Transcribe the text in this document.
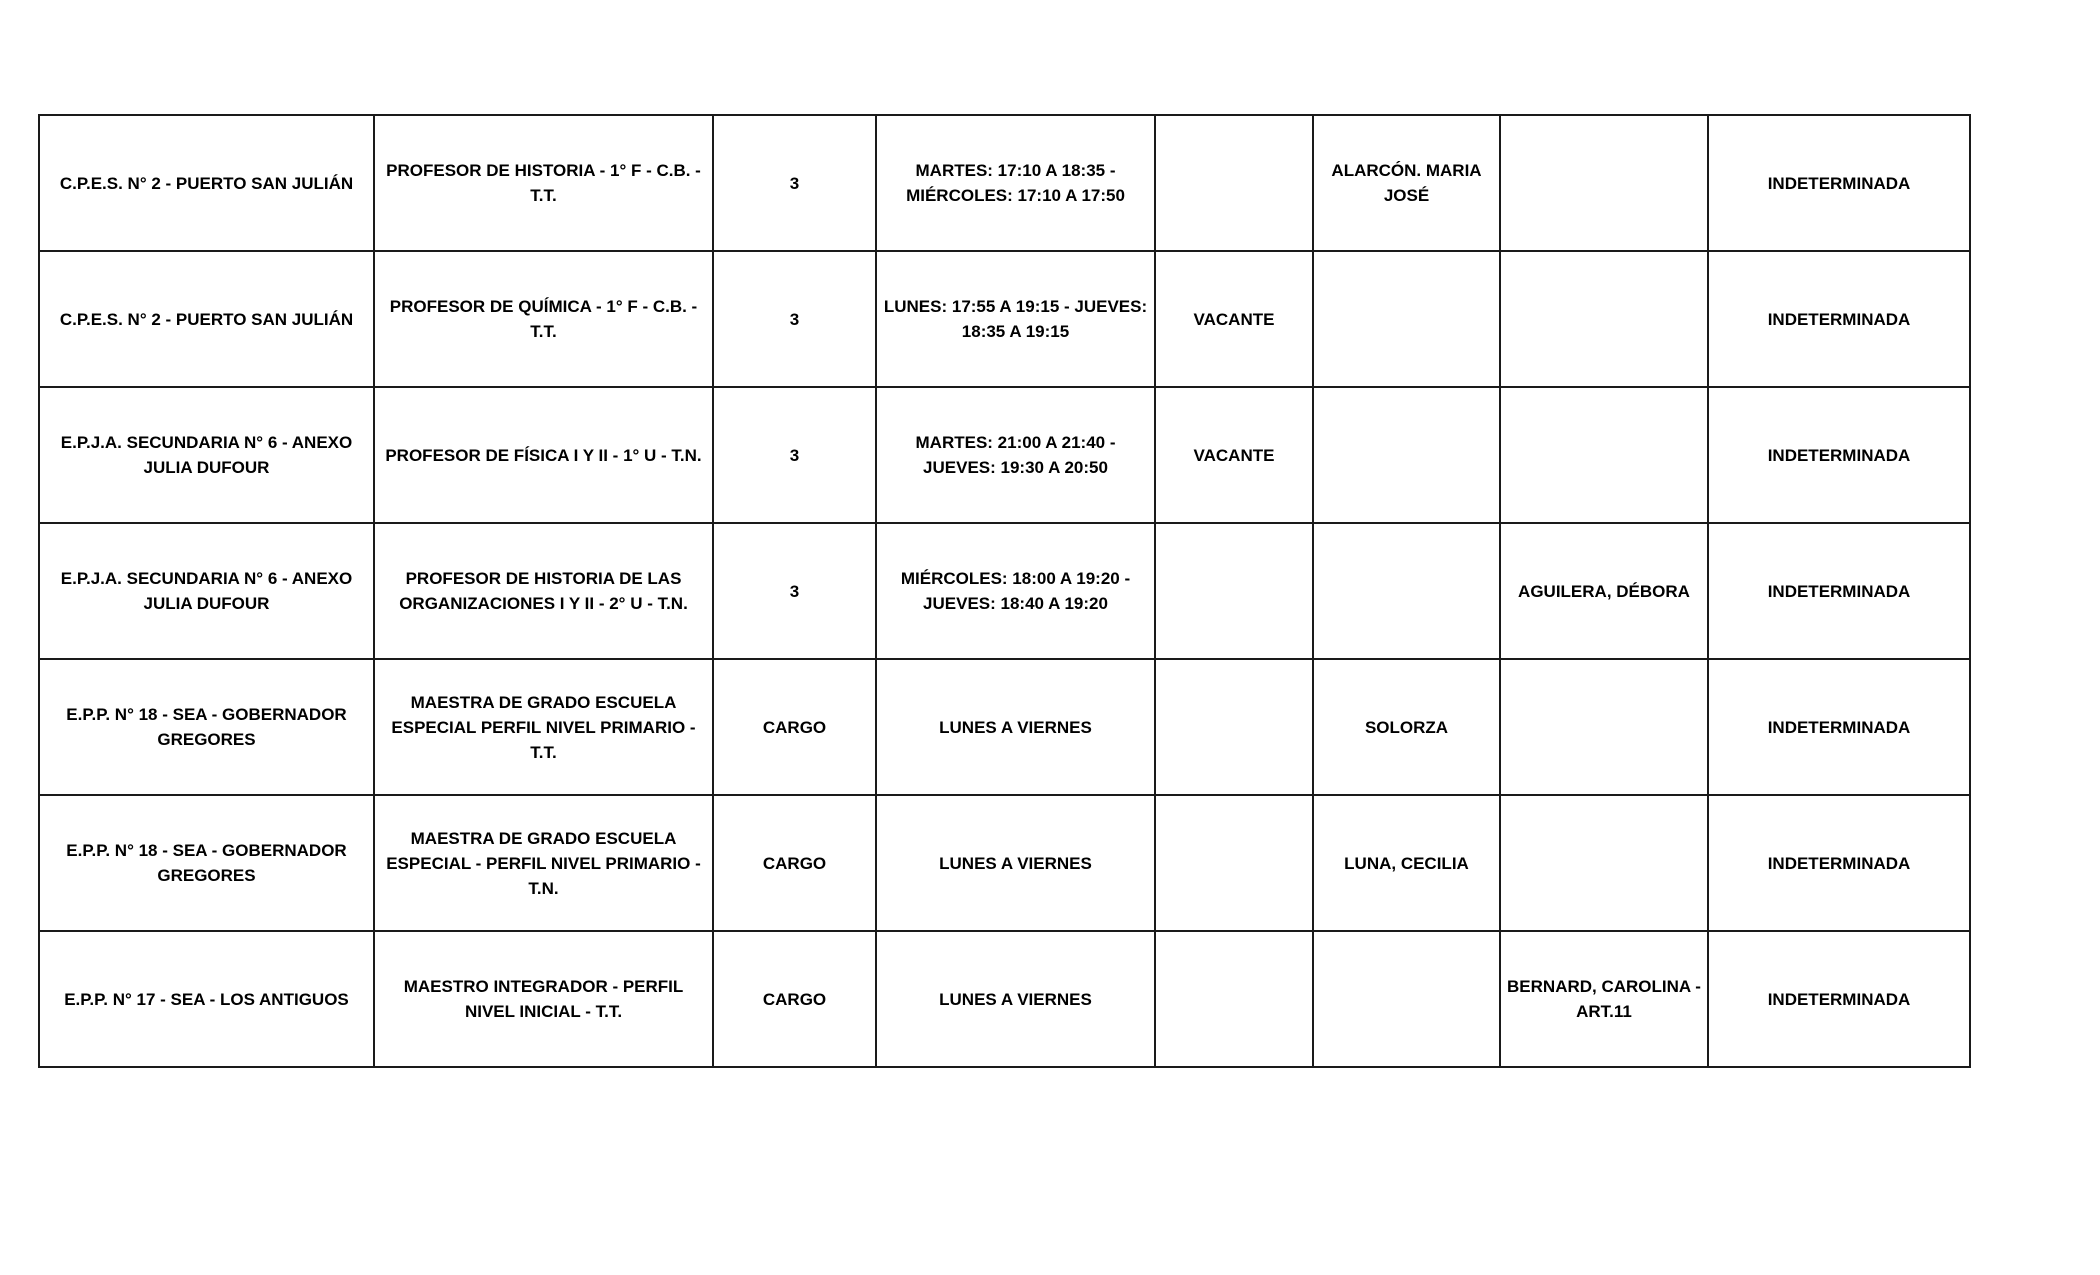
C.P.E.S. N° 2 - PUERTO SAN JULIÁN	PROFESOR DE HISTORIA - 1° F - C.B. - T.T.	3	MARTES: 17:10 A 18:35 - MIÉRCOLES: 17:10 A 17:50		ALARCÓN. MARIA JOSÉ		INDETERMINADA
C.P.E.S. N° 2 - PUERTO SAN JULIÁN	PROFESOR DE QUÍMICA - 1° F - C.B. - T.T.	3	LUNES: 17:55 A 19:15 - JUEVES: 18:35 A 19:15	VACANTE			INDETERMINADA
E.P.J.A. SECUNDARIA N° 6 - ANEXO JULIA DUFOUR	PROFESOR DE FÍSICA I Y II - 1° U - T.N.	3	MARTES: 21:00 A 21:40 - JUEVES: 19:30 A 20:50	VACANTE			INDETERMINADA
E.P.J.A. SECUNDARIA N° 6 - ANEXO JULIA DUFOUR	PROFESOR DE HISTORIA DE LAS ORGANIZACIONES I Y II - 2° U - T.N.	3	MIÉRCOLES: 18:00 A 19:20 - JUEVES: 18:40 A 19:20			AGUILERA, DÉBORA	INDETERMINADA
E.P.P. N° 18 - SEA - GOBERNADOR GREGORES	MAESTRA DE GRADO ESCUELA ESPECIAL PERFIL NIVEL PRIMARIO - T.T.	CARGO	LUNES A VIERNES		SOLORZA		INDETERMINADA
E.P.P. N° 18 - SEA - GOBERNADOR GREGORES	MAESTRA DE GRADO ESCUELA ESPECIAL - PERFIL NIVEL PRIMARIO - T.N.	CARGO	LUNES A VIERNES		LUNA, CECILIA		INDETERMINADA
E.P.P. N° 17 - SEA - LOS ANTIGUOS	MAESTRO INTEGRADOR - PERFIL NIVEL INICIAL - T.T.	CARGO	LUNES A VIERNES			BERNARD, CAROLINA - ART.11	INDETERMINADA
